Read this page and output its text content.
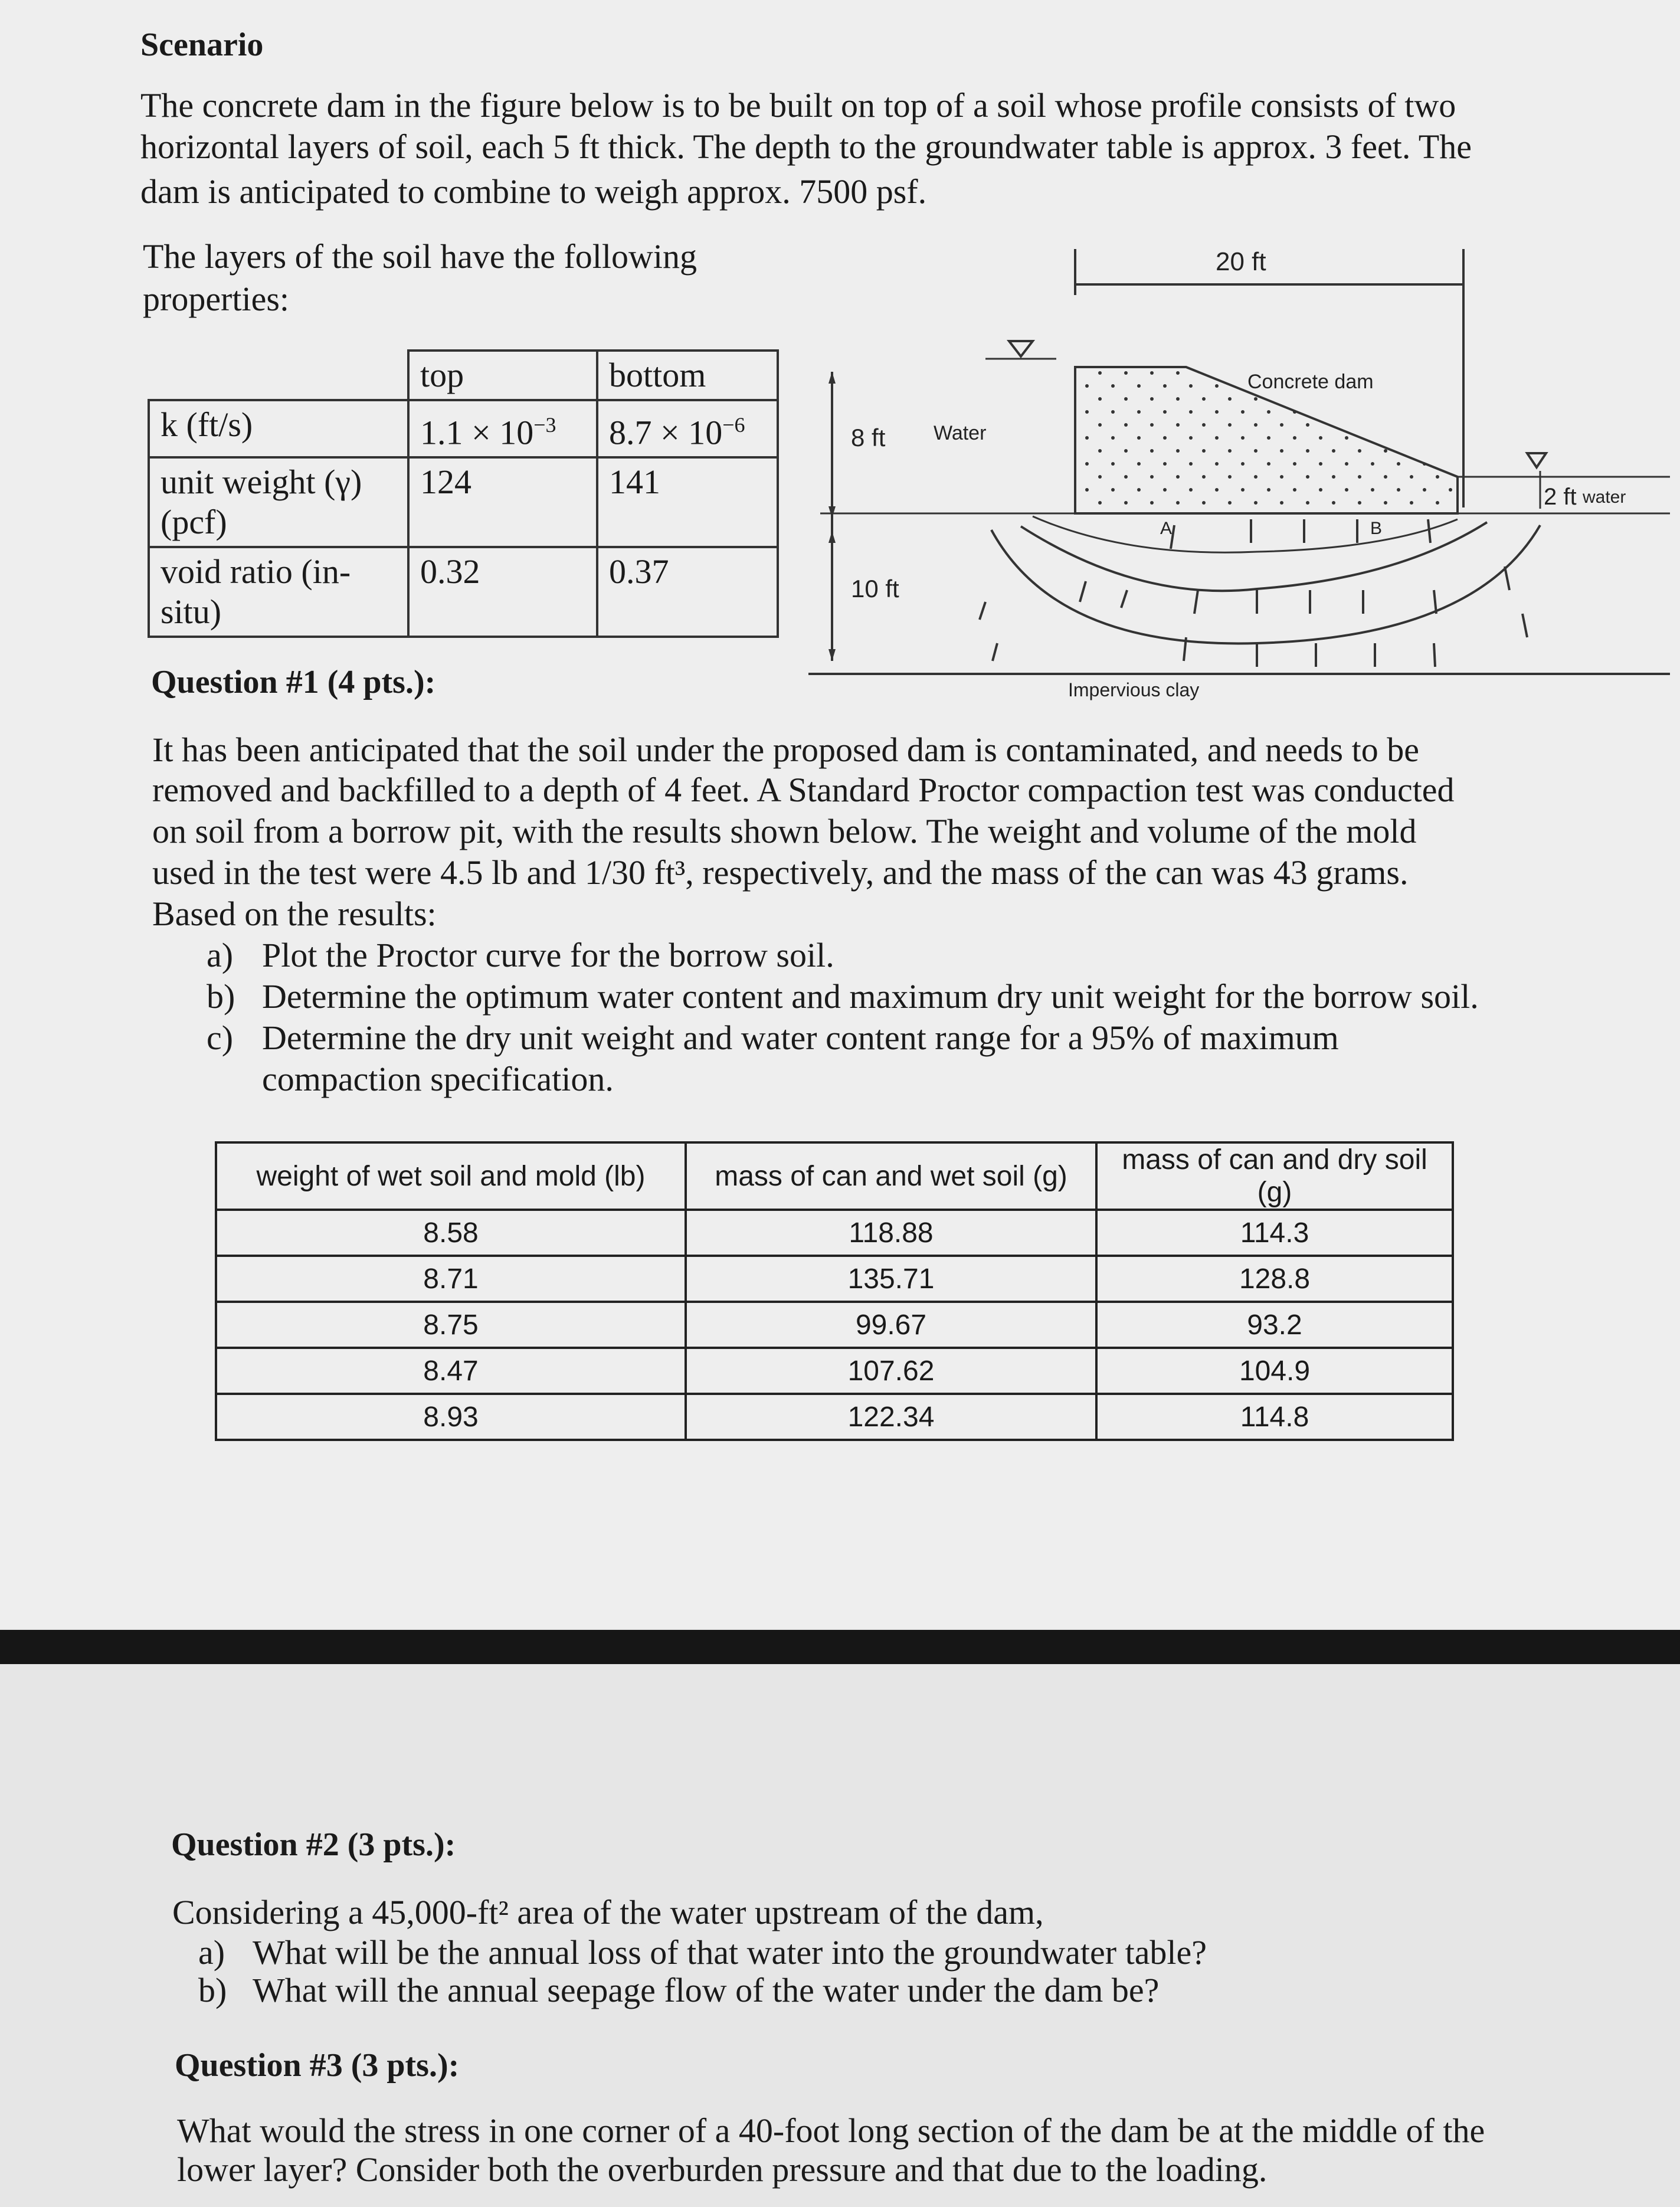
Scenario
The concrete dam in the figure below is to be built on top of a soil whose profile consists of two
horizontal layers of soil, each 5 ft thick. The depth to the groundwater table is approx. 3 feet. The
dam is anticipated to combine to weigh approx. 7500 psf.
The layers of the soil have the following
properties:
	top	bottom
k (ft/s)	$1.1 \times 10^{-3}$	$8.7 \times 10^{-6}$
unit weight (γ) (pcf)	124	141
void ratio (in-situ)	0.32	0.37
20 ft
8 ft Water
10 ft
Concrete dam
2 ft water
A	B
Impervious clay
Question #1 (4 pts.):
It has been anticipated that the soil under the proposed dam is contaminated, and needs to be
removed and backfilled to a depth of 4 feet. A Standard Proctor compaction test was conducted
on soil from a borrow pit, with the results shown below. The weight and volume of the mold
used in the test were 4.5 lb and 1/30 ft³, respectively, and the mass of the can was 43 grams.
Based on the results:
a) Plot the Proctor curve for the borrow soil.
b) Determine the optimum water content and maximum dry unit weight for the borrow soil.
c) Determine the dry unit weight and water content range for a 95% of maximum
compaction specification.
weight of wet soil and mold (lb)	mass of can and wet soil (g)	mass of can and dry soil (g)
8.58	118.88	114.3
8.71	135.71	128.8
8.75	99.67	93.2
8.47	107.62	104.9
8.93	122.34	114.8
Question #2 (3 pts.):
Considering a 45,000-ft² area of the water upstream of the dam,
a) What will be the annual loss of that water into the groundwater table?
b) What will the annual seepage flow of the water under the dam be?
Question #3 (3 pts.):
What would the stress in one corner of a 40-foot long section of the dam be at the middle of the
lower layer? Consider both the overburden pressure and that due to the loading.
